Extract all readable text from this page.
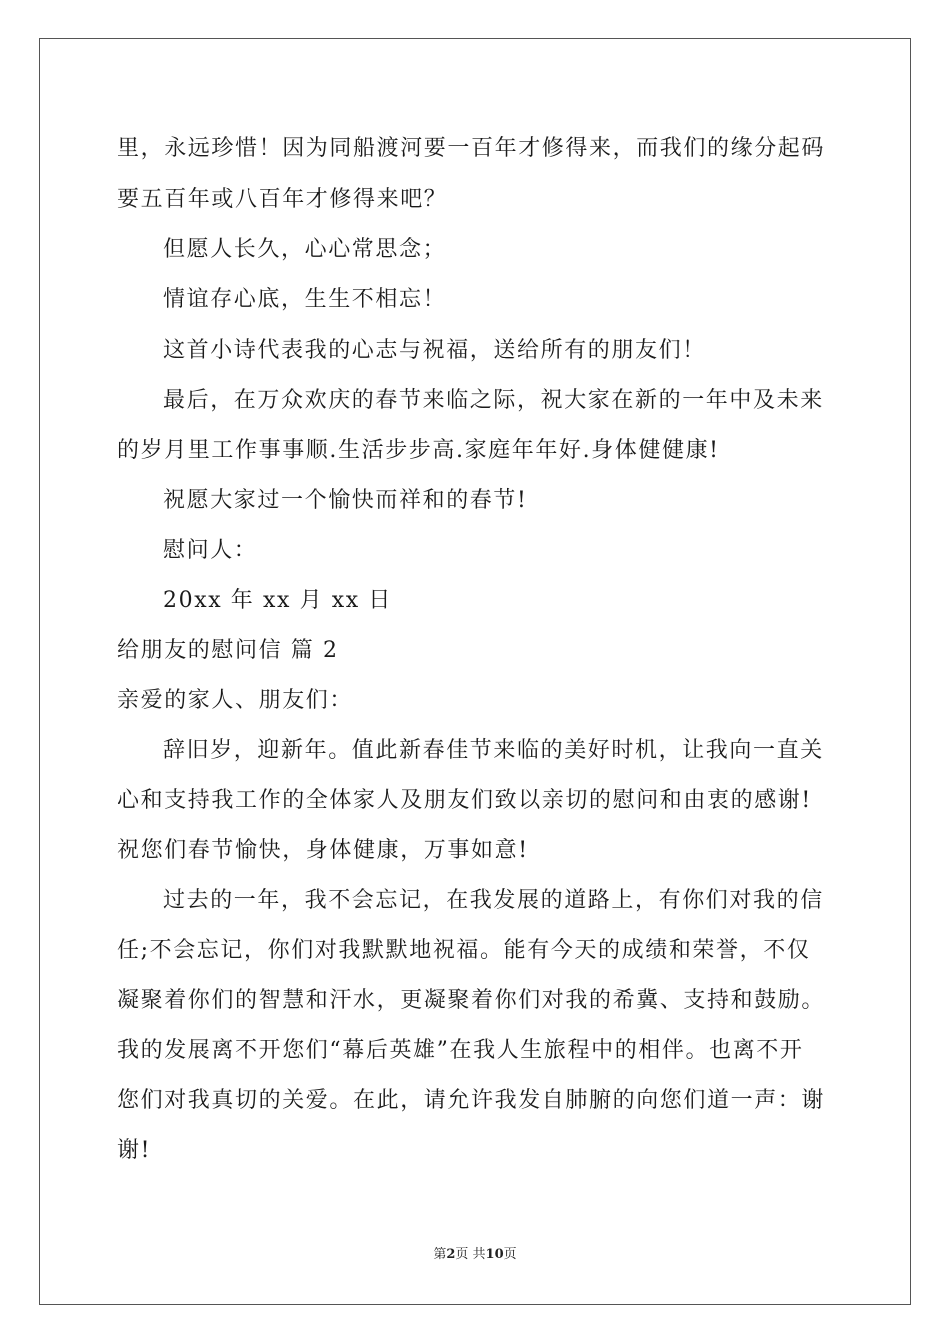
里，永远珍惜！因为同船渡河要一百年才修得来，而我们的缘分起码
要五百年或八百年才修得来吧？
但愿人长久，心心常思念；
情谊存心底，生生不相忘！
这首小诗代表我的心志与祝福，送给所有的朋友们！
最后，在万众欢庆的春节来临之际，祝大家在新的一年中及未来
的岁月里工作事事顺.生活步步高.家庭年年好.身体健健康!
祝愿大家过一个愉快而祥和的春节!
慰问人：
20xx 年 xx 月 xx 日
给朋友的慰问信 篇 2
亲爱的家人、朋友们：
辞旧岁，迎新年。值此新春佳节来临的美好时机，让我向一直关
心和支持我工作的全体家人及朋友们致以亲切的慰问和由衷的感谢!
祝您们春节愉快，身体健康，万事如意!
过去的一年，我不会忘记，在我发展的道路上，有你们对我的信
任;不会忘记，你们对我默默地祝福。能有今天的成绩和荣誉，不仅
凝聚着你们的智慧和汗水，更凝聚着你们对我的希冀、支持和鼓励。
我的发展离不开您们“幕后英雄”在我人生旅程中的相伴。也离不开
您们对我真切的关爱。在此，请允许我发自肺腑的向您们道一声：谢
谢!
第2页 共10页
